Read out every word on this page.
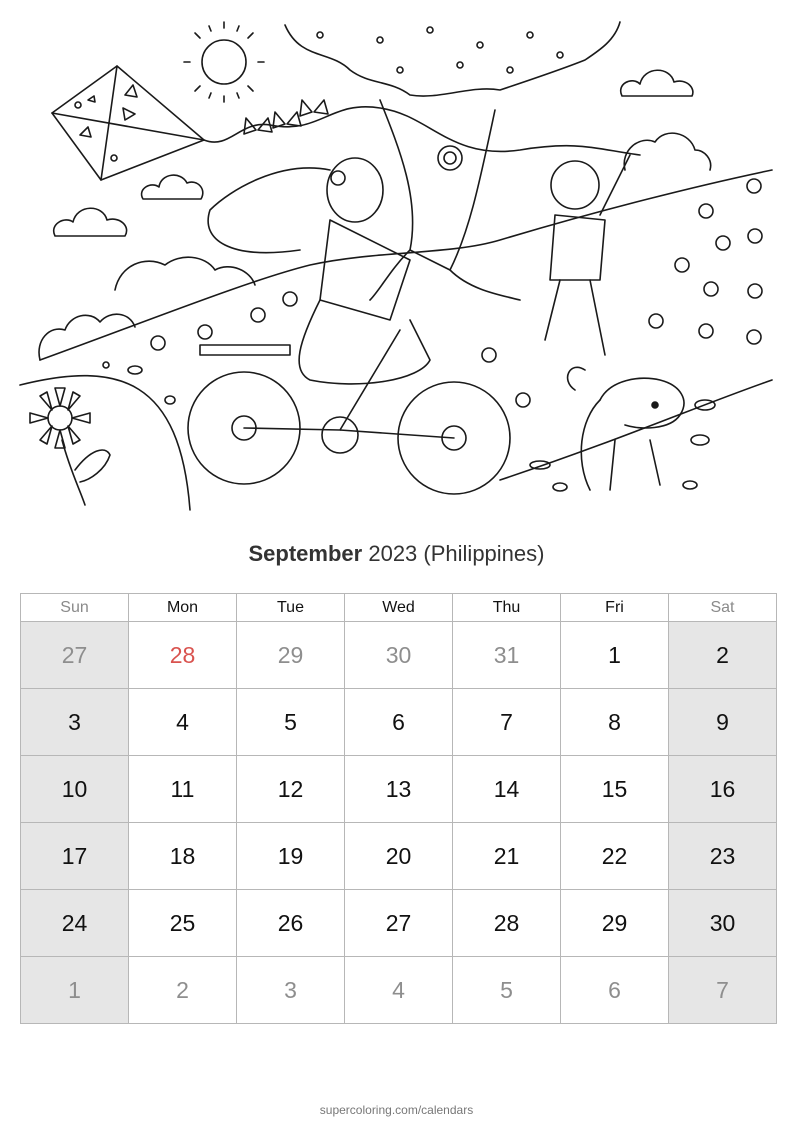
September 2023 (Philippines)
Sun	Mon	Tue	Wed	Thu	Fri	Sat
27	28	29	30	31	1	2
3	4	5	6	7	8	9
10	11	12	13	14	15	16
17	18	19	20	21	22	23
24	25	26	27	28	29	30
1	2	3	4	5	6	7
supercoloring.com/calendars
